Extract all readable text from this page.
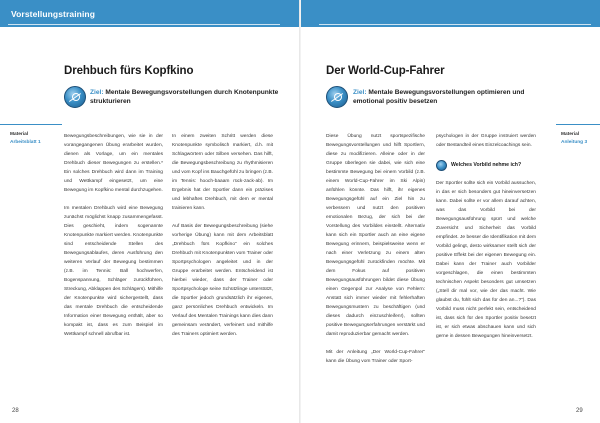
Vorstellungstraining
Drehbuch fürs Kopfkino
Ziel: Mentale Bewegungsvorstellungen durch Knotenpunkte strukturieren
Material
Arbeitsblatt 1

Bewegungsbeschreibungen, wie sie in der vorangegangenen Übung erarbeitet wurden, dienen als Vorlage, um ein mentales Drehbuch dieser Bewegungen zu erstellen.* Ein solches Drehbuch wird dann im Training und Wettkampf eingesetzt, um eine Bewegung im Kopfkino mental durchzugehen.

Im mentalen Drehbuch wird eine Bewegung zunächst möglichst knapp zusammengefasst. Dies geschieht, indem sogenannte Knotenpunkte markiert werden. Knotenpunkte sind entscheidende Stellen des Bewegungsablaufes, deren Ausführung den weiteren Verlauf der Bewegung bestimmen (z.B. im Tennis: Ball hochwerfen, Bogenspannung, Schläger zurückführen, Streckung, Abklappen des Schlägers). Mithilfe der Knotenpunkte wird sichergestellt, dass das mentale Drehbuch die entscheidende Information einer Bewegung enthält, aber so kompakt ist, dass es zum Beispiel im Wettkampf schnell abrufbar ist.

In einem zweiten Schritt werden diese Knotenpunkte symbolisch markiert, d.h. mit Schlagwörtern oder Silben versehen. Das hilft, die Bewegungsbeschreibung zu rhythmisieren und vom Kopf ins Bauchgefühl zu bringen (z.B. im Tennis: hooch-baaam rück-zack-ab). Im Ergebnis hat der Sportler dann ein präzises und lebhaftes Drehbuch, mit dem er mental trainieren kann.

Auf Basis der Bewegungsbeschreibung (siehe vorherige Übung) kann mit dem Arbeitsblatt „Drehbuch fürs Kopfkino“ ein solches Drehbuch mit Knotenpunkten vom Trainer oder Sportpsychologen angeleitet und in der Gruppe erarbeitet werden. Entscheidend ist hierbei wieder, dass der Trainer oder Sportpsychologe seine Schützlinge unterstützt, die Sportler jedoch grundsätzlich ihr eigenes, ganz persönliches Drehbuch entwickeln. Im Verlauf des Mentalen Trainings kann dies dann gemeinsam verändert, verfeinert und mithilfe des Trainers optimiert werden.

28
Der World-Cup-Fahrer
Ziel: Mentale Bewegungsvorstellungen optimieren und emotional positiv besetzen
Material
Anleitung 3

Diese Übung nutzt sportspezifische Bewegungsvorstellungen und hilft Sportlern, diese zu modifizieren. Alleine oder in der Gruppe überlegen sie dabei, wie sich eine bestimmte Bewegung bei einem Vorbild (z.B. einem World-Cup-Fahrer im Ski Alpin) anfühlen könnte. Das hilft, ihr eigenes Bewegungsgefühl auf ein Ziel hin zu verbessern und nutzt den positiven emotionalen Bezug, der sich bei der Vorstellung des Vorbildes einstellt. Alternativ kann sich ein Sportler auch an eine eigene Bewegung erinnern, beispielsweise wenn er nach einer Verletzung zu einem alten Bewegungsgefühl zurückfinden möchte. Mit dem Fokus auf positiven Bewegungsausführungen bildet diese Übung einen Gegenpol zur Analyse von Fehlern: Anstatt sich immer wieder mit fehlerhaften Bewegungsmustern zu beschäftigen (und dieses dadurch einzuschleifen!), sollten positive Bewegungserfahrungen verstärkt und damit reproduzierbar gemacht werden.

Mit der Anleitung „Der World-Cup-Fahrer“ kann die Übung vom Trainer oder Sport-

psychologen in der Gruppe instruiert werden oder Bestandteil eines Einzelcoachings sein.

Welches Vorbild nehme ich?

Der Sportler sollte sich ein Vorbild aussuchen, in das er sich besonders gut hineinversetzen kann. Dabei sollte er vor allem darauf achten, was das Vorbild bei der Bewegungsausführung spürt und welche Zuversicht und Sicherheit das Vorbild empfindet. Je besser die Identifikation mit dem Vorbild gelingt, desto wirksamer stellt sich der positive Effekt bei der eigenen Bewegung ein. Dabei kann der Trainer auch Vorbilder vorgeschlagen, die einen bestimmten technischen Aspekt besonders gut umsetzen („Stell dir mal vor, wie der das macht. Wie glaubst du, fühlt sich das für den an...?“). Das Vorbild muss nicht perfekt sein, entscheidend ist, dass sich für den Sportler positiv besetzt ist, er sich etwas abschauen kann und sich gerne in dessen Bewegungen hineinversetzt.

29
